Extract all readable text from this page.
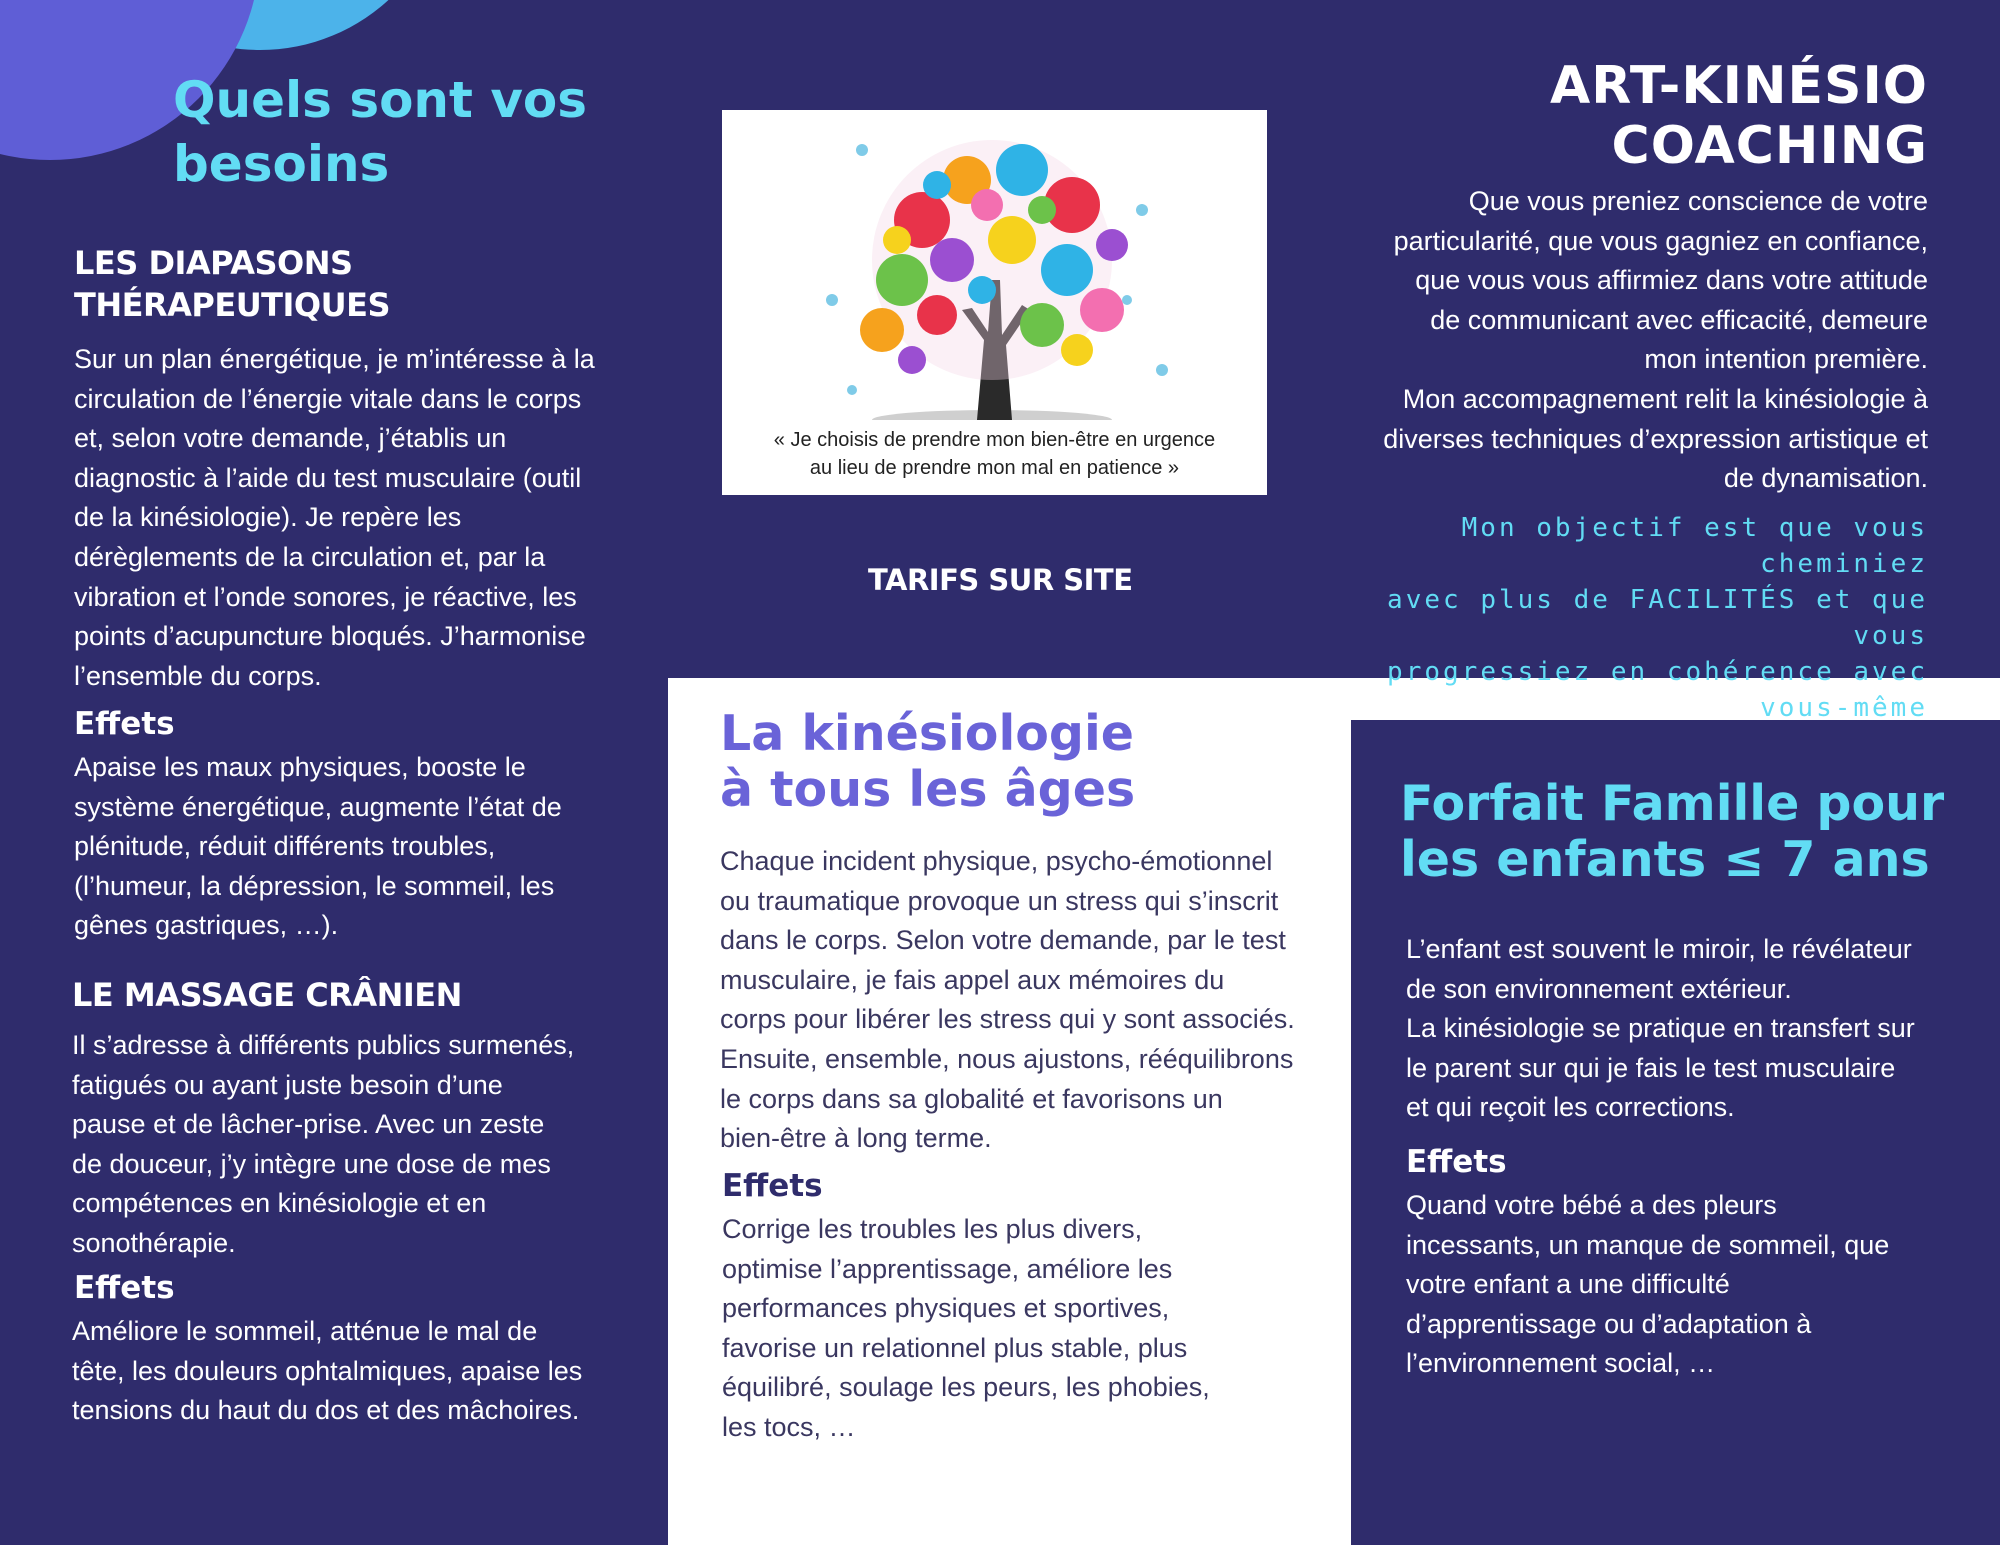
Quels sont vos
besoins
LES DIAPASONS
THÉRAPEUTIQUES
Sur un plan énergétique, je m’intéresse à la
circulation de l’énergie vitale dans le corps
et, selon votre demande, j’établis un
diagnostic à l’aide du test musculaire (outil
de la kinésiologie). Je repère les
dérèglements de la circulation et, par la
vibration et l’onde sonores, je réactive, les
points d’acupuncture bloqués. J’harmonise
l’ensemble du corps.
Effets
Apaise les maux physiques, booste le
système énergétique, augmente l’état de
plénitude, réduit différents troubles,
(l’humeur, la dépression, le sommeil, les
gênes gastriques, …).
LE MASSAGE CRÂNIEN
Il s’adresse à différents publics surmenés,
fatigués ou ayant juste besoin d’une
pause et de lâcher-prise. Avec un zeste
de douceur, j’y intègre une dose de mes
compétences en kinésiologie et en
sonothérapie.
Effets
Améliore le sommeil, atténue le mal de
tête, les douleurs ophtalmiques, apaise les
tensions du haut du dos et des mâchoires.
« Je choisis de prendre mon bien-être en urgence
au lieu de prendre mon mal en patience »
TARIFS SUR SITE
La kinésiologie
à tous les âges
Chaque incident physique, psycho-émotionnel
ou traumatique provoque un stress qui s’inscrit
dans le corps. Selon votre demande, par le test
musculaire, je fais appel aux mémoires du
corps pour libérer les stress qui y sont associés.
Ensuite, ensemble, nous ajustons, rééquilibrons
le corps dans sa globalité et favorisons un
bien-être à long terme.
Effets
Corrige les troubles les plus divers,
optimise l’apprentissage, améliore les
performances physiques et sportives,
favorise un relationnel plus stable, plus
équilibré, soulage les peurs, les phobies,
les tocs, …
ART-KINÉSIO
COACHING
Que vous preniez conscience de votre
particularité, que vous gagniez en confiance,
que vous vous affirmiez dans votre attitude
de communicant avec efficacité, demeure
mon intention première.
Mon accompagnement relit la kinésiologie à
diverses techniques d’expression artistique et
de dynamisation.
Mon objectif est que vous cheminiez
avec plus de FACILITÉS et que vous
progressiez en cohérence avec
vous-même
Forfait Famille pour
les enfants ≤ 7 ans
L’enfant est souvent le miroir, le révélateur
de son environnement extérieur.
La kinésiologie se pratique en transfert sur
le parent sur qui je fais le test musculaire
et qui reçoit les corrections.
Effets
Quand votre bébé a des pleurs
incessants, un manque de sommeil, que
votre enfant a une difficulté
d’apprentissage ou d’adaptation à
l’environnement social, …
